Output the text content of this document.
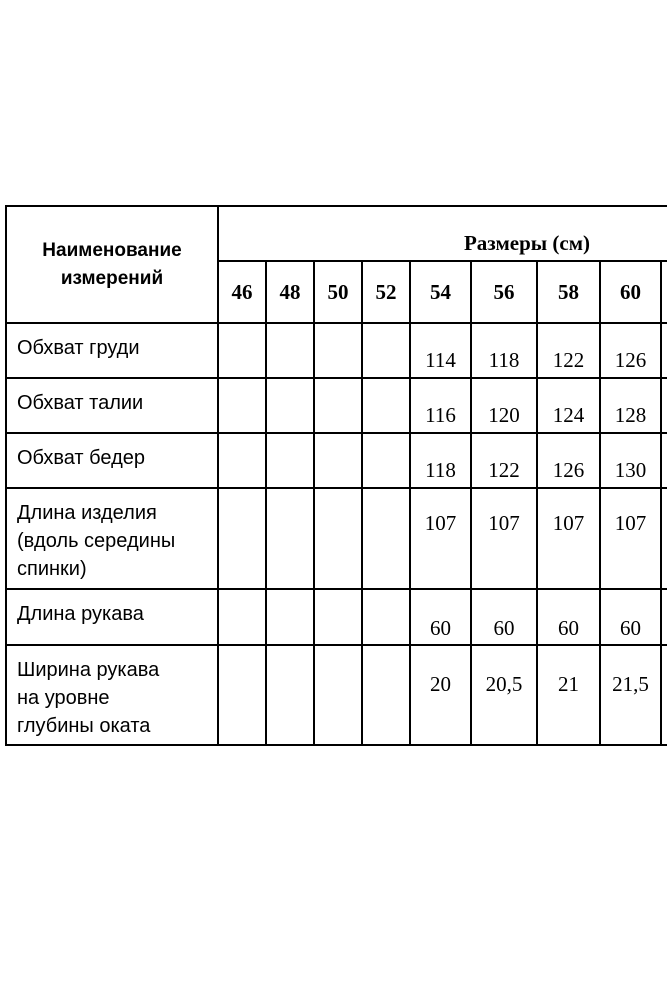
Наименование
измерений	Размеры (см)								
	46	48	50	52	54	56	58	60	
Обхват груди					114	118	122	126	

Обхват талии					116	120	124	128	

Обхват бедер					118	122	126	130	

Длина изделия
(вдоль середины
спинки)					107	107	107	107	

Длина рукава					60	60	60	60	

Ширина рукава
на уровне
глубины оката					20	20,5	21	21,5	
